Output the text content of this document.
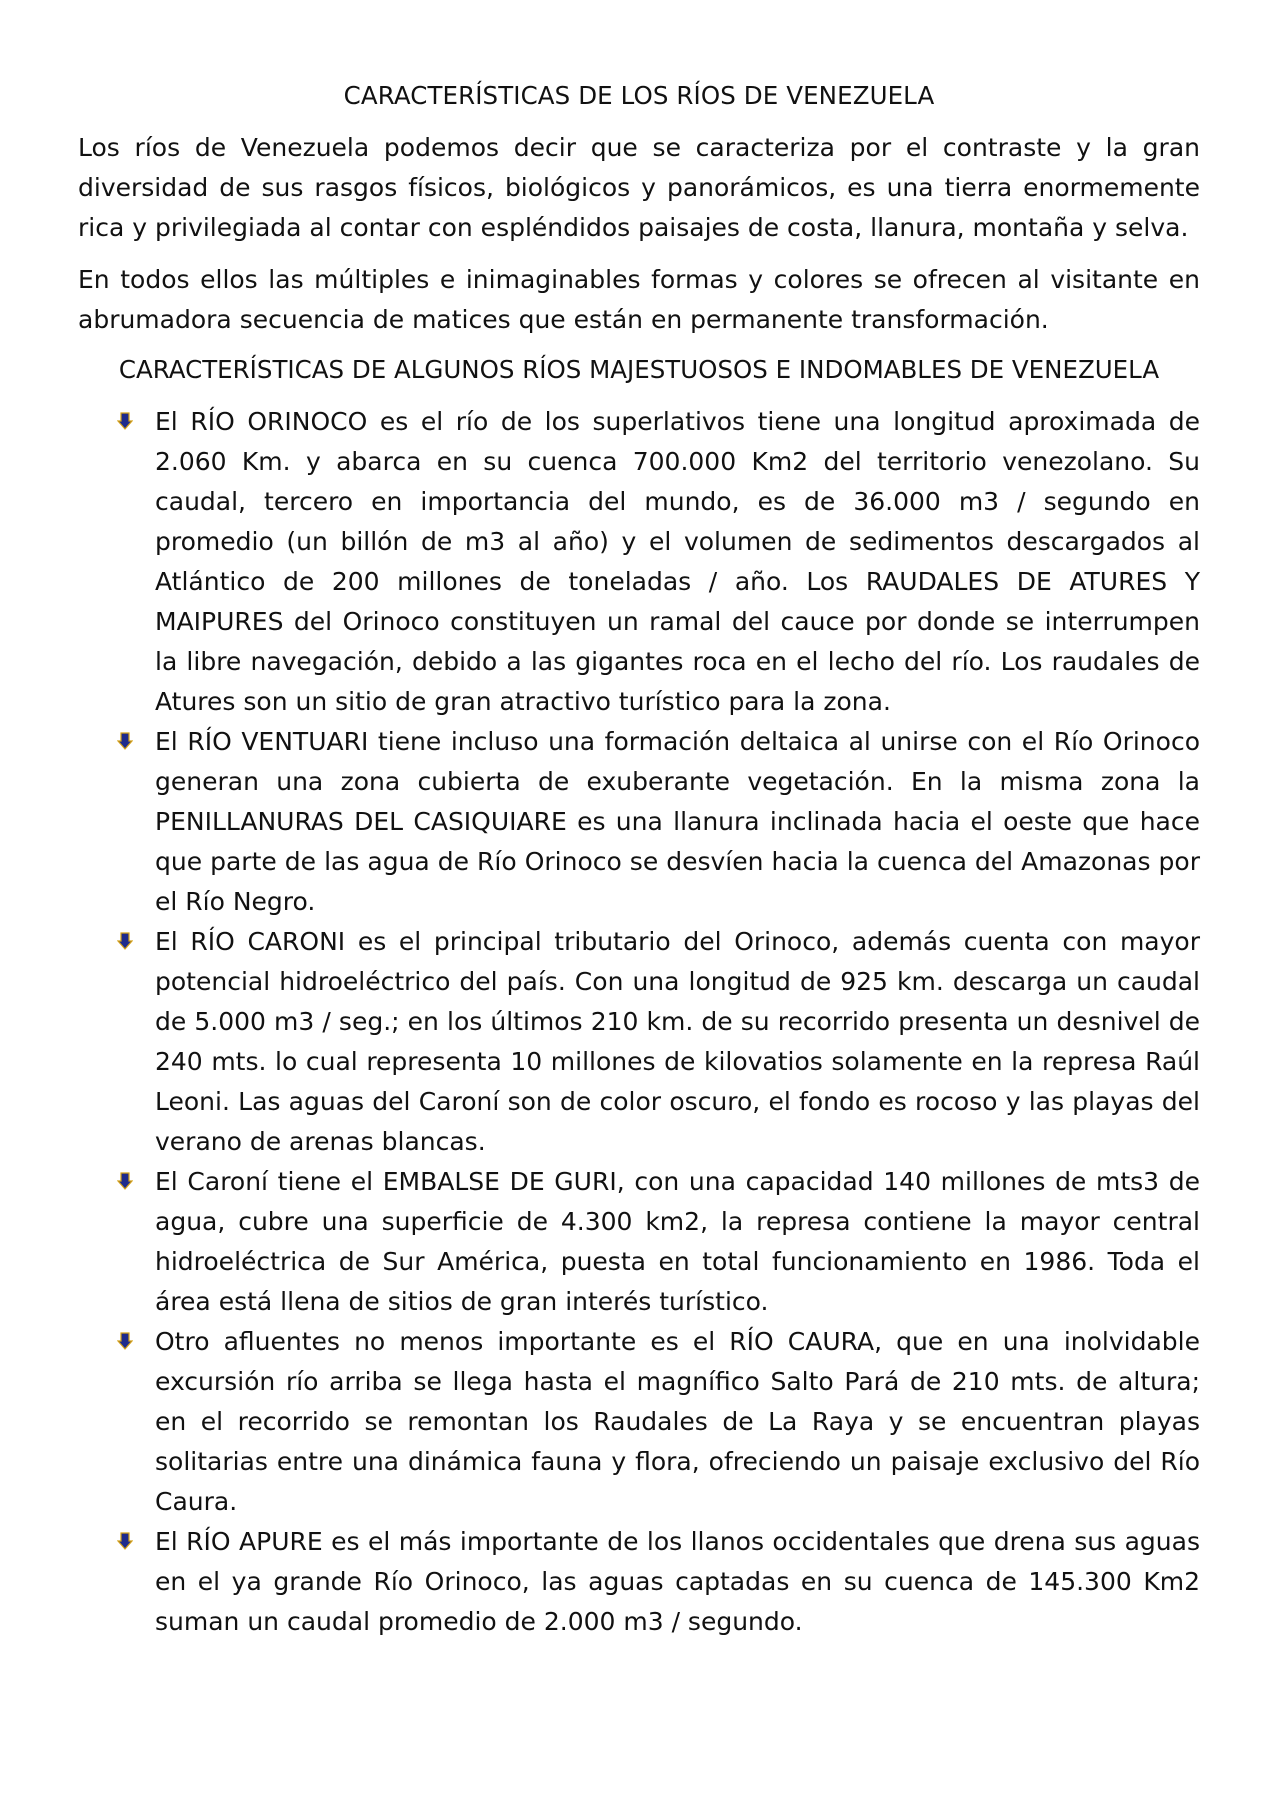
CARACTERÍSTICAS DE LOS RÍOS DE VENEZUELA

Los ríos de Venezuela podemos decir que se caracteriza por el contraste y la gran diversidad de sus rasgos físicos, biológicos y panorámicos, es una tierra enormemente rica y privilegiada al contar con espléndidos paisajes de costa, llanura, montaña y selva.

En todos ellos las múltiples e inimaginables formas y colores se ofrecen al visitante en abrumadora secuencia de matices que están en permanente transformación.

CARACTERÍSTICAS DE ALGUNOS RÍOS MAJESTUOSOS E INDOMABLES DE VENEZUELA
El RÍO ORINOCO es el río de los superlativos tiene una longitud aproximada de 2.060 Km. y abarca en su cuenca 700.000 Km2 del territorio venezolano. Su caudal, tercero en importancia del mundo, es de 36.000 m3 / segundo en promedio (un billón de m3 al año) y el volumen de sedimentos descargados al Atlántico de 200 millones de toneladas / año. Los RAUDALES DE ATURES Y MAIPURES del Orinoco constituyen un ramal del cauce por donde se interrumpen la libre navegación, debido a las gigantes roca en el lecho del río. Los raudales de Atures son un sitio de gran atractivo turístico para la zona.
El RÍO VENTUARI tiene incluso una formación deltaica al unirse con el Río Orinoco generan una zona cubierta de exuberante vegetación. En la misma zona la PENILLANURAS DEL CASIQUIARE es una llanura inclinada hacia el oeste que hace que parte de las agua de Río Orinoco se desvíen hacia la cuenca del Amazonas por el Río Negro.
El RÍO CARONI es el principal tributario del Orinoco, además cuenta con mayor potencial hidroeléctrico del país. Con una longitud de 925 km. descarga un caudal de 5.000 m3 / seg.; en los últimos 210 km. de su recorrido presenta un desnivel de 240 mts. lo cual representa 10 millones de kilovatios solamente en la represa Raúl Leoni. Las aguas del Caroní son de color oscuro, el fondo es rocoso y las playas del verano de arenas blancas.
El Caroní tiene el EMBALSE DE GURI, con una capacidad 140 millones de mts3 de agua, cubre una superficie de 4.300 km2, la represa contiene la mayor central hidroeléctrica de Sur América, puesta en total funcionamiento en 1986. Toda el área está llena de sitios de gran interés turístico.
Otro afluentes no menos importante es el RÍO CAURA, que en una inolvidable excursión río arriba se llega hasta el magnífico Salto Pará de 210 mts. de altura; en el recorrido se remontan los Raudales de La Raya y se encuentran playas solitarias entre una dinámica fauna y flora, ofreciendo un paisaje exclusivo del Río Caura.
El RÍO APURE es el más importante de los llanos occidentales que drena sus aguas en el ya grande Río Orinoco, las aguas captadas en su cuenca de 145.300 Km2 suman un caudal promedio de 2.000 m3 / segundo.
